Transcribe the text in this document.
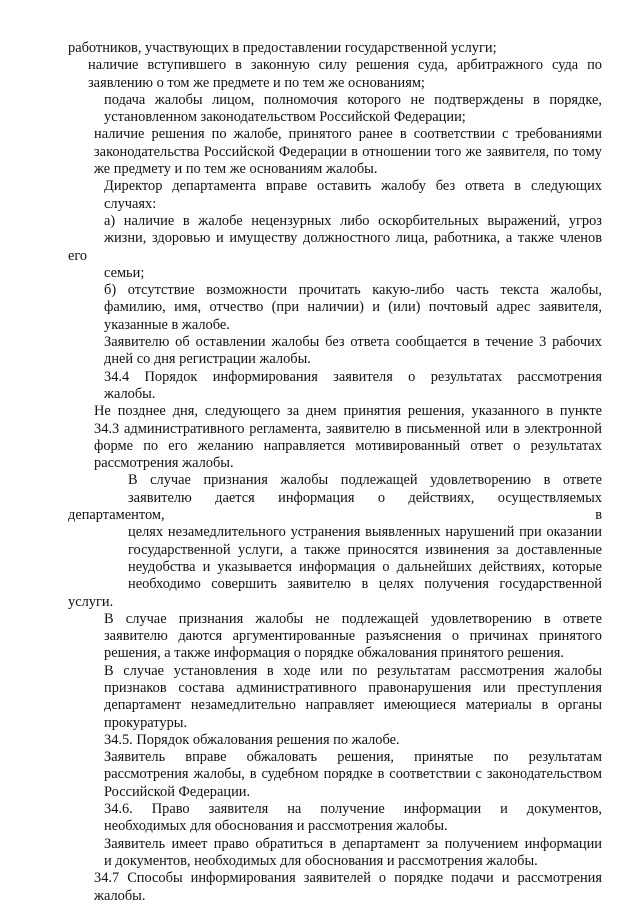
работников, участвующих в предоставлении государственной услуги;
наличие вступившего в законную силу решения суда, арбитражного суда по
заявлению о том же предмете и по тем же основаниям;
подача жалобы лицом, полномочия которого не подтверждены в порядке,
установленном законодательством Российской Федерации;
наличие решения по жалобе, принятого ранее в соответствии с требованиями
законодательства Российской Федерации в отношении того же заявителя, по тому
же предмету и по тем же основаниям жалобы.
Директор департамента вправе оставить жалобу без ответа в следующих
случаях:
а) наличие в жалобе нецензурных либо оскорбительных выражений, угроз
жизни, здоровью и имуществу должностного лица, работника, а также членов его
семьи;
б) отсутствие возможности прочитать какую-либо часть текста жалобы,
фамилию, имя, отчество (при наличии) и (или) почтовый адрес заявителя,
указанные в жалобе.
Заявителю об оставлении жалобы без ответа сообщается в течение 3 рабочих
дней со дня регистрации жалобы.
34.4 Порядок информирования заявителя о результатах рассмотрения
жалобы.
Не позднее дня, следующего за днем принятия решения, указанного в пункте
34.3 административного регламента, заявителю в письменной или в электронной
форме по его желанию направляется мотивированный ответ о результатах
рассмотрения жалобы.
В случае признания жалобы подлежащей удовлетворению в ответе
заявителю дается информация о действиях, осуществляемых департаментом, в
целях незамедлительного устранения выявленных нарушений при оказании
государственной услуги, а также приносятся извинения за доставленные
неудобства и указывается информация о дальнейших действиях, которые
необходимо совершить заявителю в целях получения государственной услуги.
В случае признания жалобы не подлежащей удовлетворению в ответе
заявителю даются аргументированные разъяснения о причинах принятого
решения, а также информация о порядке обжалования принятого решения.
В случае установления в ходе или по результатам рассмотрения жалобы
признаков состава административного правонарушения или преступления
департамент незамедлительно направляет имеющиеся материалы в органы
прокуратуры.
34.5. Порядок обжалования решения по жалобе.
Заявитель вправе обжаловать решения, принятые по результатам
рассмотрения жалобы, в судебном порядке в соответствии с законодательством
Российской Федерации.
34.6. Право заявителя на получение информации и документов,
необходимых для обоснования и рассмотрения жалобы.
Заявитель имеет право обратиться в департамент за получением информации
и документов, необходимых для обоснования и рассмотрения жалобы.
34.7 Способы информирования заявителей о порядке подачи и рассмотрения
жалобы.
